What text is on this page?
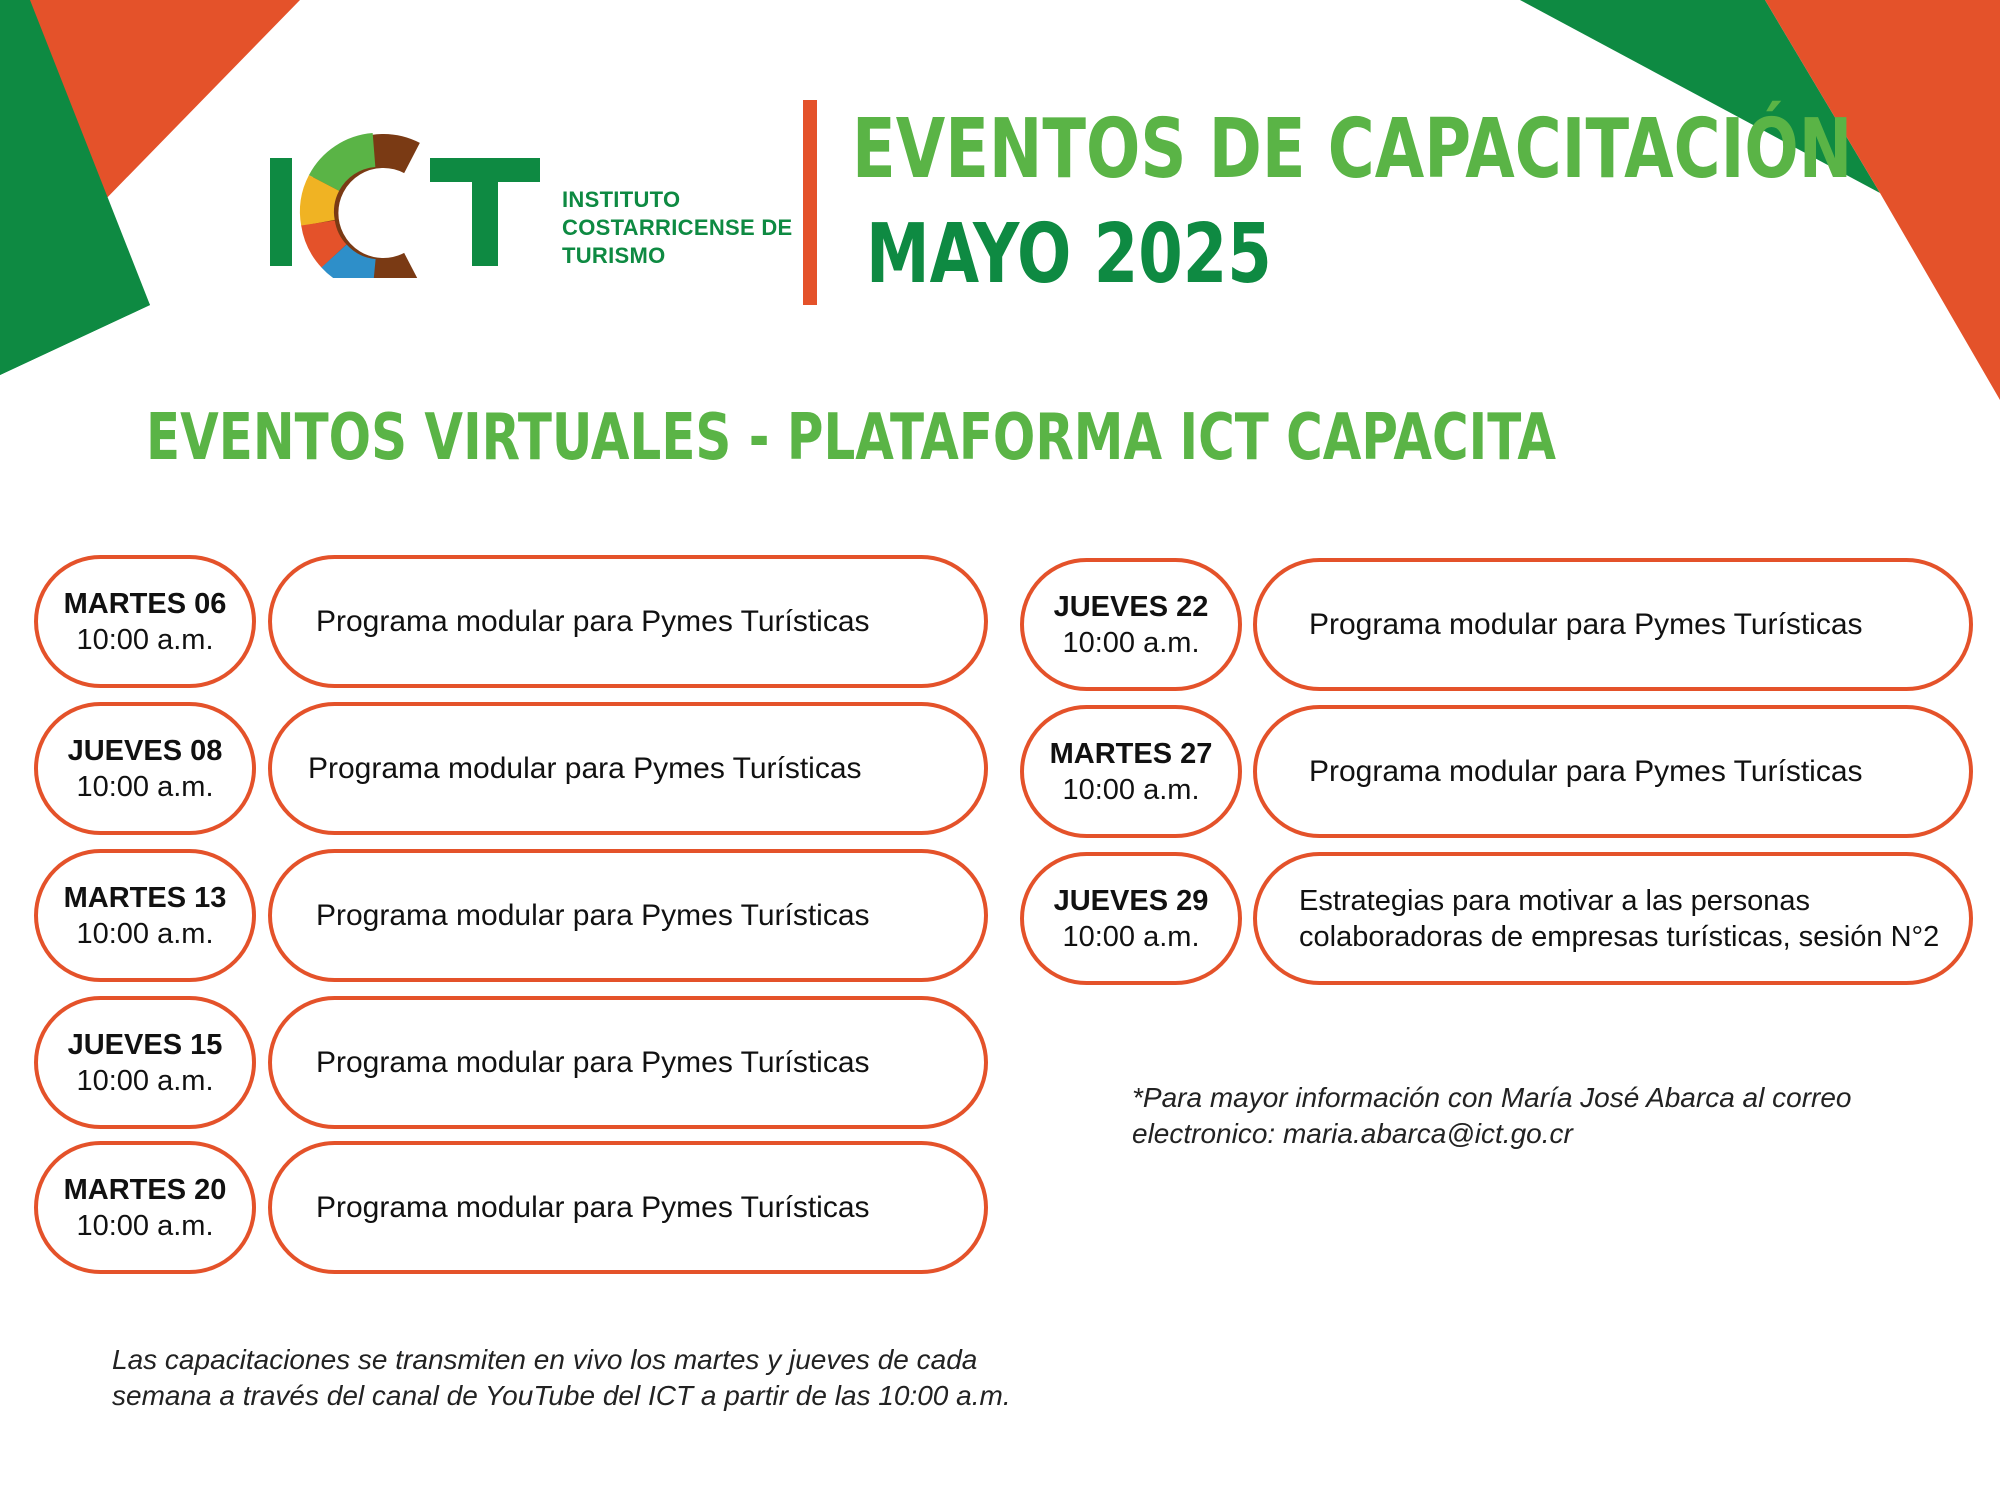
INSTITUTO
COSTARRICENSE DE
TURISMO
EVENTOS DE CAPACITACIÓN
MAYO 2025
EVENTOS VIRTUALES - PLATAFORMA ICT CAPACITA
MARTES 06
10:00 a.m.
Programa modular para Pymes Turísticas
JUEVES 08
10:00 a.m.
Programa modular para Pymes Turísticas
MARTES 13
10:00 a.m.
Programa modular para Pymes Turísticas
JUEVES 15
10:00 a.m.
Programa modular para Pymes Turísticas
MARTES 20
10:00 a.m.
Programa modular para Pymes Turísticas
JUEVES 22
10:00 a.m.
Programa modular para Pymes Turísticas
MARTES 27
10:00 a.m.
Programa modular para Pymes Turísticas
JUEVES 29
10:00 a.m.
Estrategias para motivar a las personas colaboradoras de empresas turísticas, sesión N°2
*Para mayor información con María José Abarca al correo electronico: maria.abarca@ict.go.cr
Las capacitaciones se transmiten en vivo los martes y jueves de cada semana a través del canal de YouTube del ICT a partir de las 10:00 a.m.
